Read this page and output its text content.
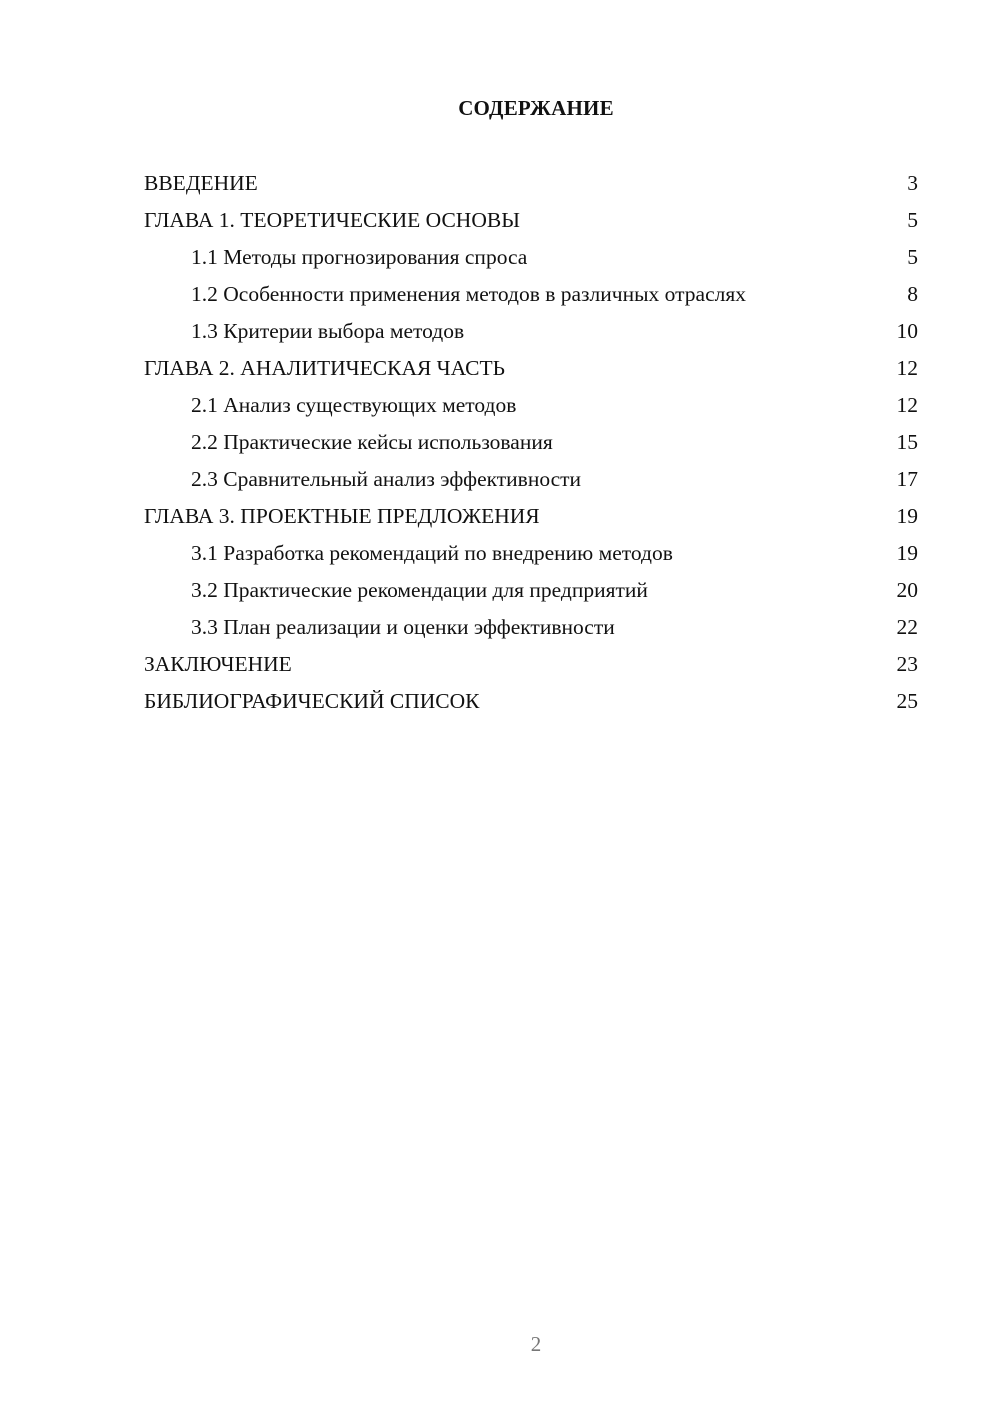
СОДЕРЖАНИЕ
ВВЕДЕНИЕ	3
ГЛАВА 1. ТЕОРЕТИЧЕСКИЕ ОСНОВЫ	5
1.1 Методы прогнозирования спроса	5
1.2 Особенности применения методов в различных отраслях	8
1.3 Критерии выбора методов	10
ГЛАВА 2. АНАЛИТИЧЕСКАЯ ЧАСТЬ	12
2.1 Анализ существующих методов	12
2.2 Практические кейсы использования	15
2.3 Сравнительный анализ эффективности	17
ГЛАВА 3. ПРОЕКТНЫЕ ПРЕДЛОЖЕНИЯ	19
3.1 Разработка рекомендаций по внедрению методов	19
3.2 Практические рекомендации для предприятий	20
3.3 План реализации и оценки эффективности	22
ЗАКЛЮЧЕНИЕ	23
БИБЛИОГРАФИЧЕСКИЙ СПИСОК	25
2
